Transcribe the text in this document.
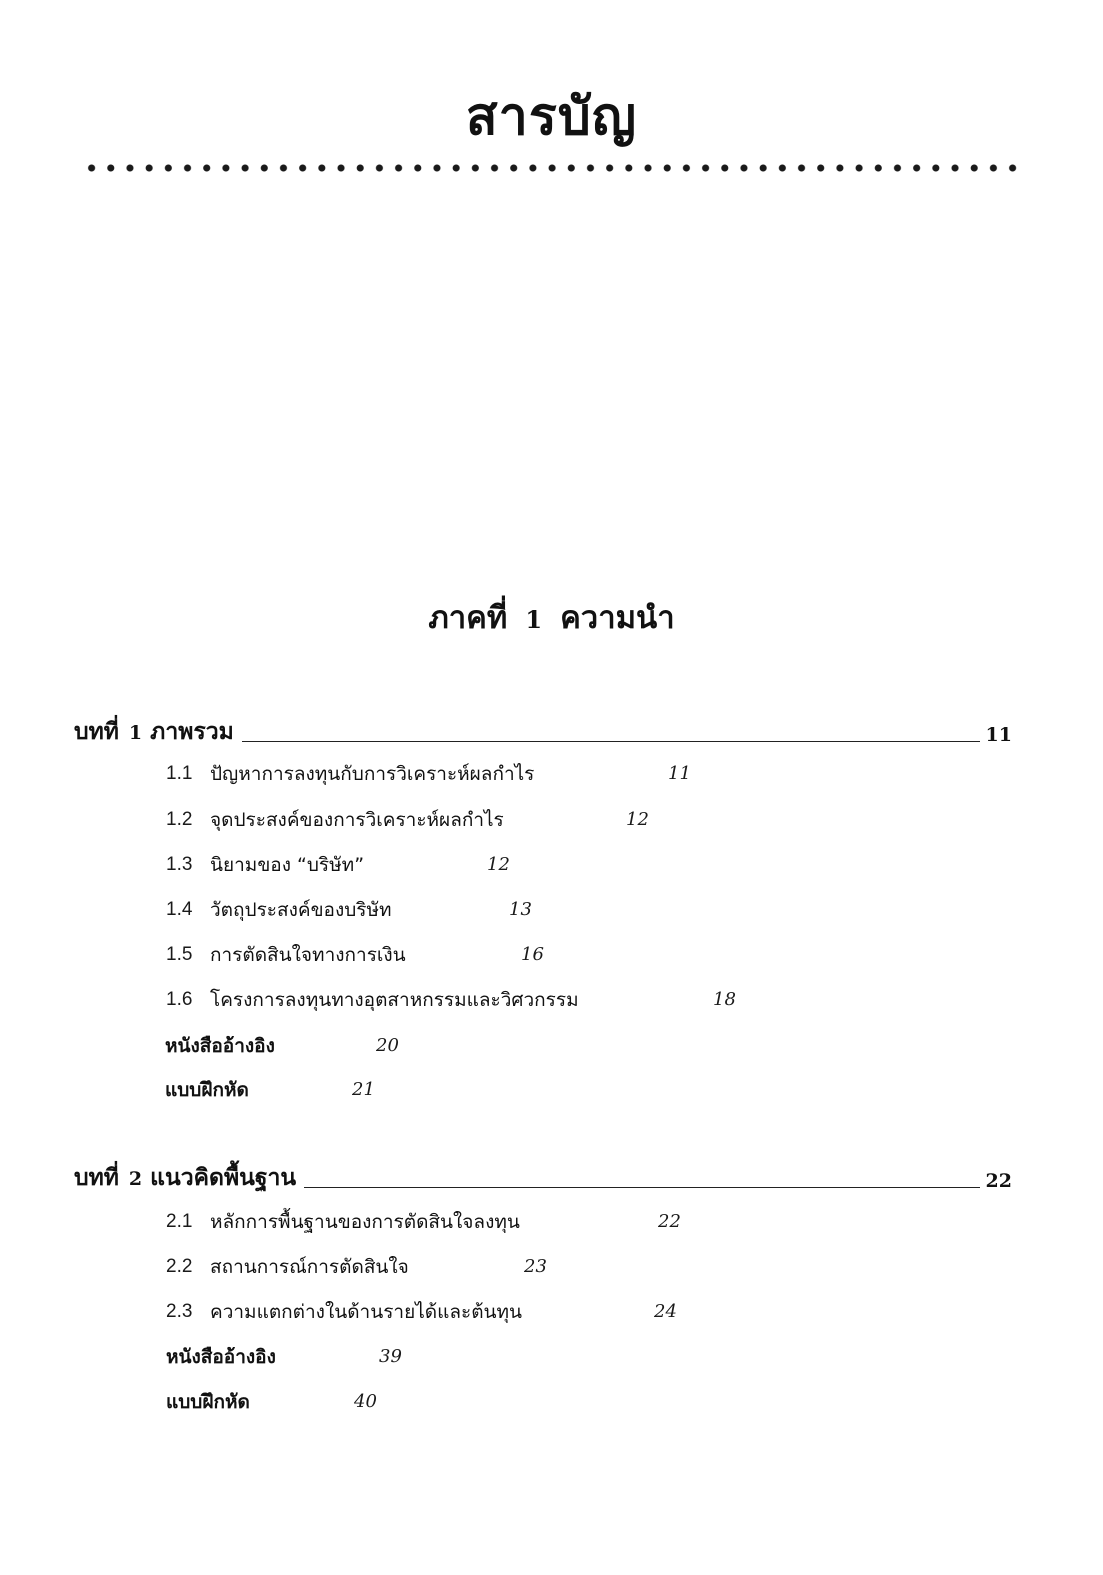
สารบัญ
ภาคที่ 1 ความนำ
บทที่ 1 ภาพรวม	11
1.1 ปัญหาการลงทุนกับการวิเคราะห์ผลกำไร	11
1.2 จุดประสงค์ของการวิเคราะห์ผลกำไร	12
1.3 นิยามของ “บริษัท”	12
1.4 วัตถุประสงค์ของบริษัท	13
1.5 การตัดสินใจทางการเงิน	16
1.6 โครงการลงทุนทางอุตสาหกรรมและวิศวกรรม	18
หนังสืออ้างอิง	20
แบบฝึกหัด	21
บทที่ 2 แนวคิดพื้นฐาน	22
2.1 หลักการพื้นฐานของการตัดสินใจลงทุน	22
2.2 สถานการณ์การตัดสินใจ	23
2.3 ความแตกต่างในด้านรายได้และต้นทุน	24
หนังสืออ้างอิง	39
แบบฝึกหัด	40
